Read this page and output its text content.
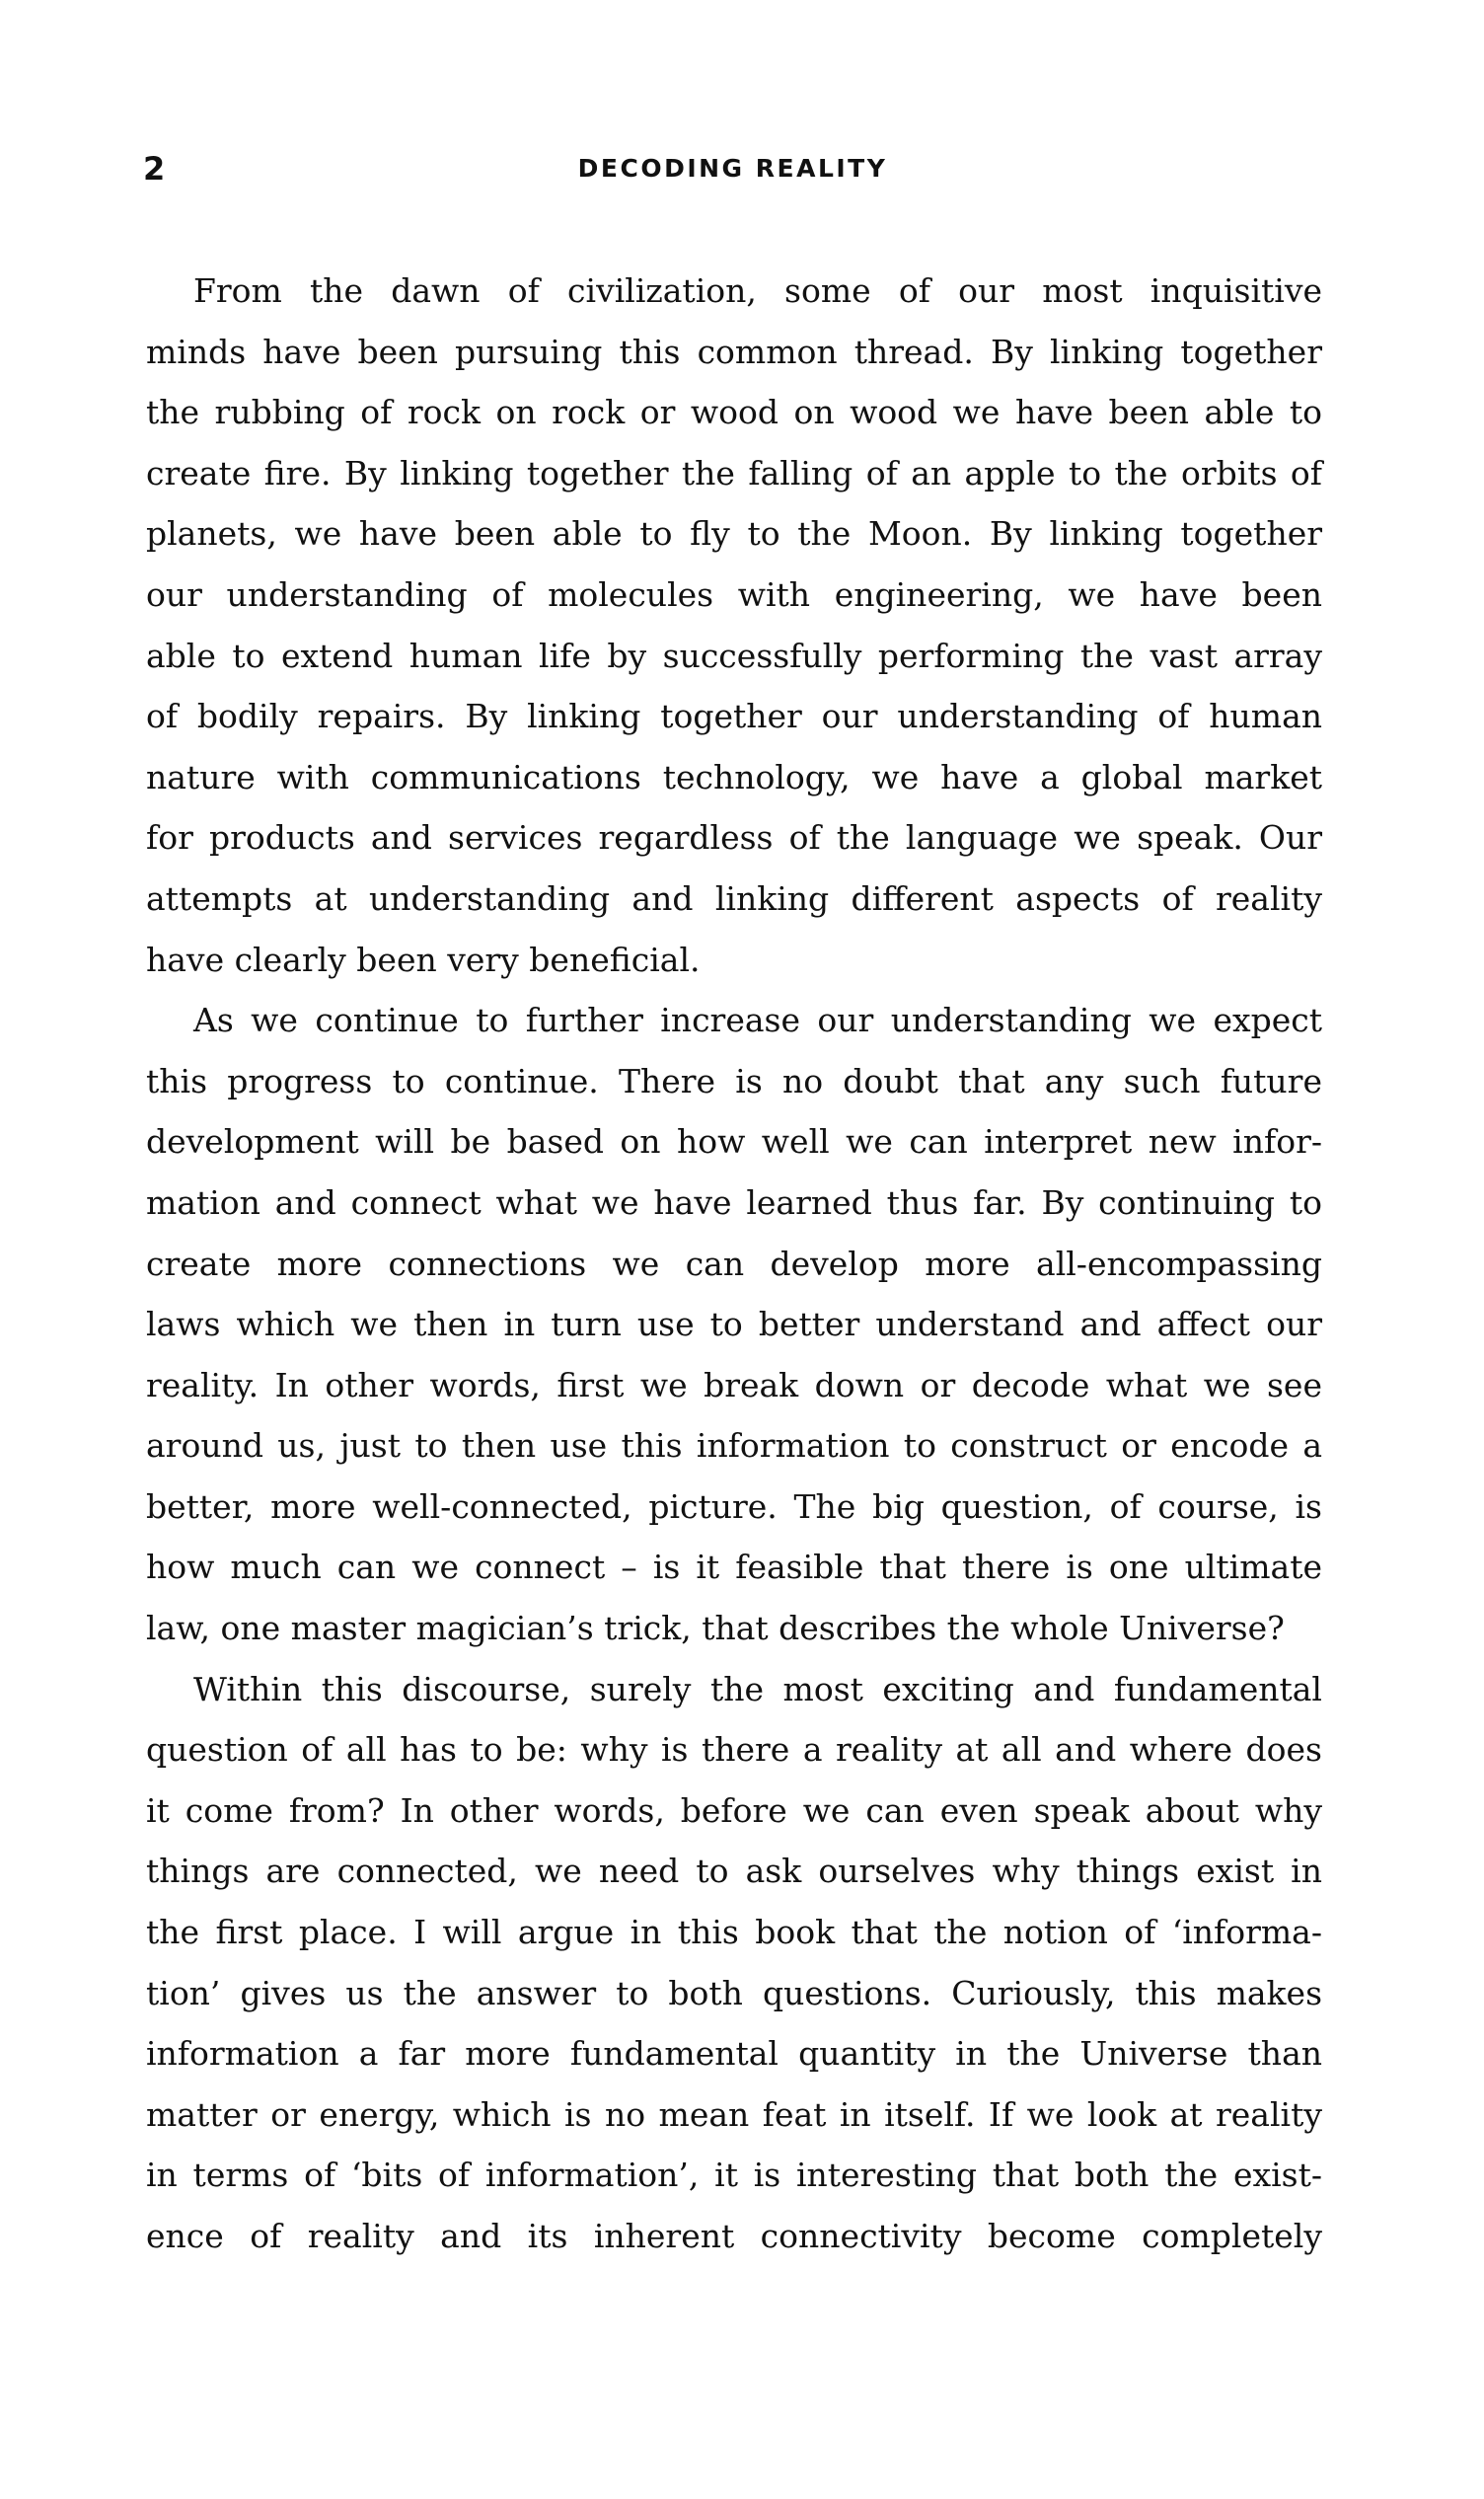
2	DECODING REALITY
From the dawn of civilization, some of our most inquisitive
minds have been pursuing this common thread. By linking together
the rubbing of rock on rock or wood on wood we have been able to
create fire. By linking together the falling of an apple to the orbits of
planets, we have been able to fly to the Moon. By linking together
our understanding of molecules with engineering, we have been
able to extend human life by successfully performing the vast array
of bodily repairs. By linking together our understanding of human
nature with communications technology, we have a global market
for products and services regardless of the language we speak. Our
attempts at understanding and linking different aspects of reality
have clearly been very beneficial.
As we continue to further increase our understanding we expect
this progress to continue. There is no doubt that any such future
development will be based on how well we can interpret new infor-
mation and connect what we have learned thus far. By continuing to
create more connections we can develop more all-encompassing
laws which we then in turn use to better understand and affect our
reality. In other words, first we break down or decode what we see
around us, just to then use this information to construct or encode a
better, more well-connected, picture. The big question, of course, is
how much can we connect – is it feasible that there is one ultimate
law, one master magician’s trick, that describes the whole Universe?
Within this discourse, surely the most exciting and fundamental
question of all has to be: why is there a reality at all and where does
it come from? In other words, before we can even speak about why
things are connected, we need to ask ourselves why things exist in
the first place. I will argue in this book that the notion of ‘informa-
tion’ gives us the answer to both questions. Curiously, this makes
information a far more fundamental quantity in the Universe than
matter or energy, which is no mean feat in itself. If we look at reality
in terms of ‘bits of information’, it is interesting that both the exist-
ence of reality and its inherent connectivity become completely
